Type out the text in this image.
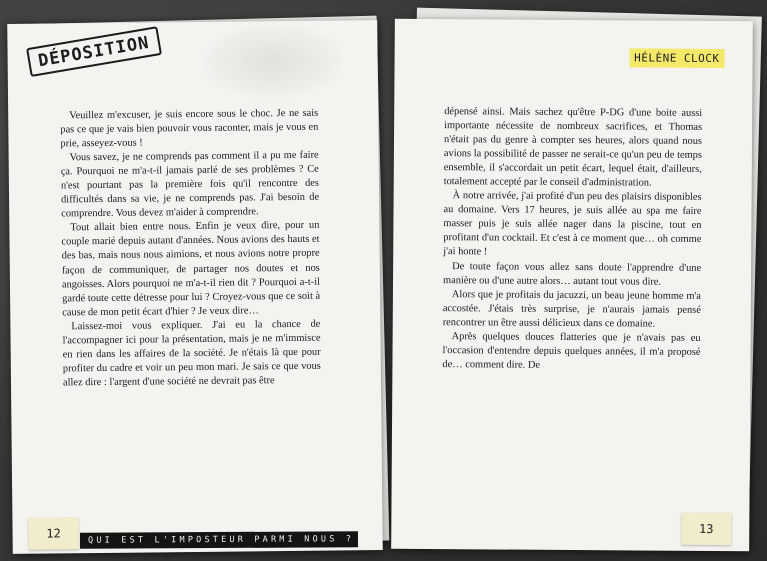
DÉPOSITION

Veuillez m'excuser, je suis encore sous le choc. Je ne sais pas ce que je vais bien pouvoir vous raconter, mais je vous en prie, asseyez-vous !

Vous savez, je ne comprends pas comment il a pu me faire ça. Pourquoi ne m'a-t-il jamais parlé de ses problèmes ? Ce n'est pourtant pas la première fois qu'il rencontre des difficultés dans sa vie, je ne comprends pas. J'ai besoin de comprendre. Vous devez m'aider à comprendre.

Tout allait bien entre nous. Enfin je veux dire, pour un couple marié depuis autant d'années. Nous avions des hauts et des bas, mais nous nous aimions, et nous avions notre propre façon de communiquer, de partager nos doutes et nos angoisses. Alors pourquoi ne m'a-t-il rien dit ? Pourquoi a-t-il gardé toute cette détresse pour lui ? Croyez-vous que ce soit à cause de mon petit écart d'hier ? Je veux dire…

Laissez-moi vous expliquer. J'ai eu la chance de l'accompagner ici pour la présentation, mais je ne m'immisce en rien dans les affaires de la société. Je n'étais là que pour profiter du cadre et voir un peu mon mari. Je sais ce que vous allez dire : l'argent d'une société ne devrait pas être

12
HÉLÈNE CLOCK

dépensé ainsi. Mais sachez qu'être P-DG d'une boite aussi importante nécessite de nombreux sacrifices, et Thomas n'était pas du genre à compter ses heures, alors quand nous avions la possibilité de passer ne serait-ce qu'un peu de temps ensemble, il s'accordait un petit écart, lequel était, d'ailleurs, totalement accepté par le conseil d'administration.

À notre arrivée, j'ai profité d'un peu des plaisirs disponibles au domaine. Vers 17 heures, je suis allée au spa me faire masser puis je suis allée nager dans la piscine, tout en profitant d'un cocktail. Et c'est à ce moment que… oh comme j'ai honte !

De toute façon vous allez sans doute l'apprendre d'une manière ou d'une autre alors… autant tout vous dire.

Alors que je profitais du jacuzzi, un beau jeune homme m'a accostée. J'étais très surprise, je n'aurais jamais pensé rencontrer un être aussi délicieux dans ce domaine.

Après quelques douces flatteries que je n'avais pas eu l'occasion d'entendre depuis quelques années, il m'a proposé de… comment dire. De

13
QUI EST L'IMPOSTEUR PARMI NOUS ?
